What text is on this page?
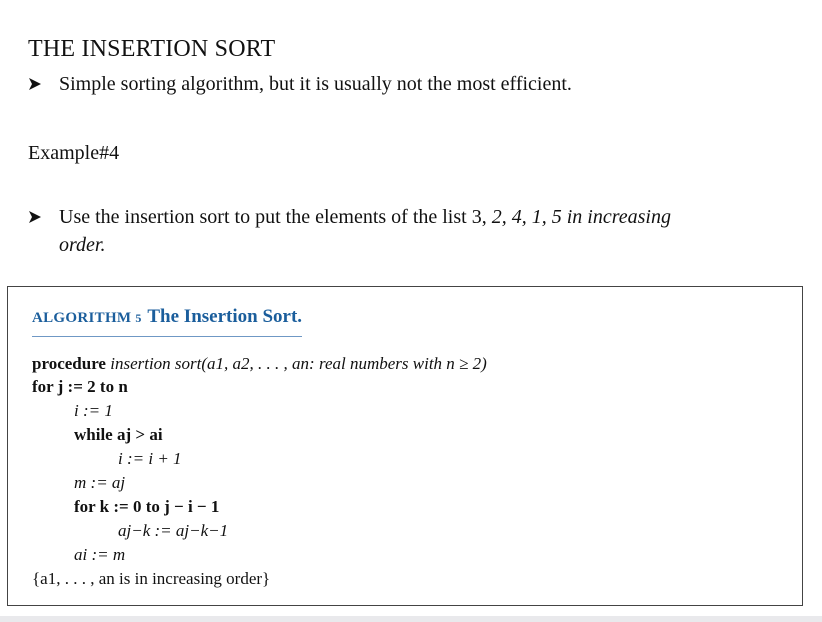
THE INSERTION SORT
Simple sorting algorithm, but it is usually not the most efficient.
Example#4
Use the insertion sort to put the elements of the list 3, 2, 4, 1, 5 in increasing
order.
ALGORITHM 5 The Insertion Sort.
procedure insertion sort(a1, a2, . . . , an: real numbers with n ≥ 2)
for j := 2 to n
i := 1
while aj > ai
i := i + 1
m := aj
for k := 0 to j − i − 1
aj−k := aj−k−1
ai := m
{a1, . . . , an is in increasing order}
